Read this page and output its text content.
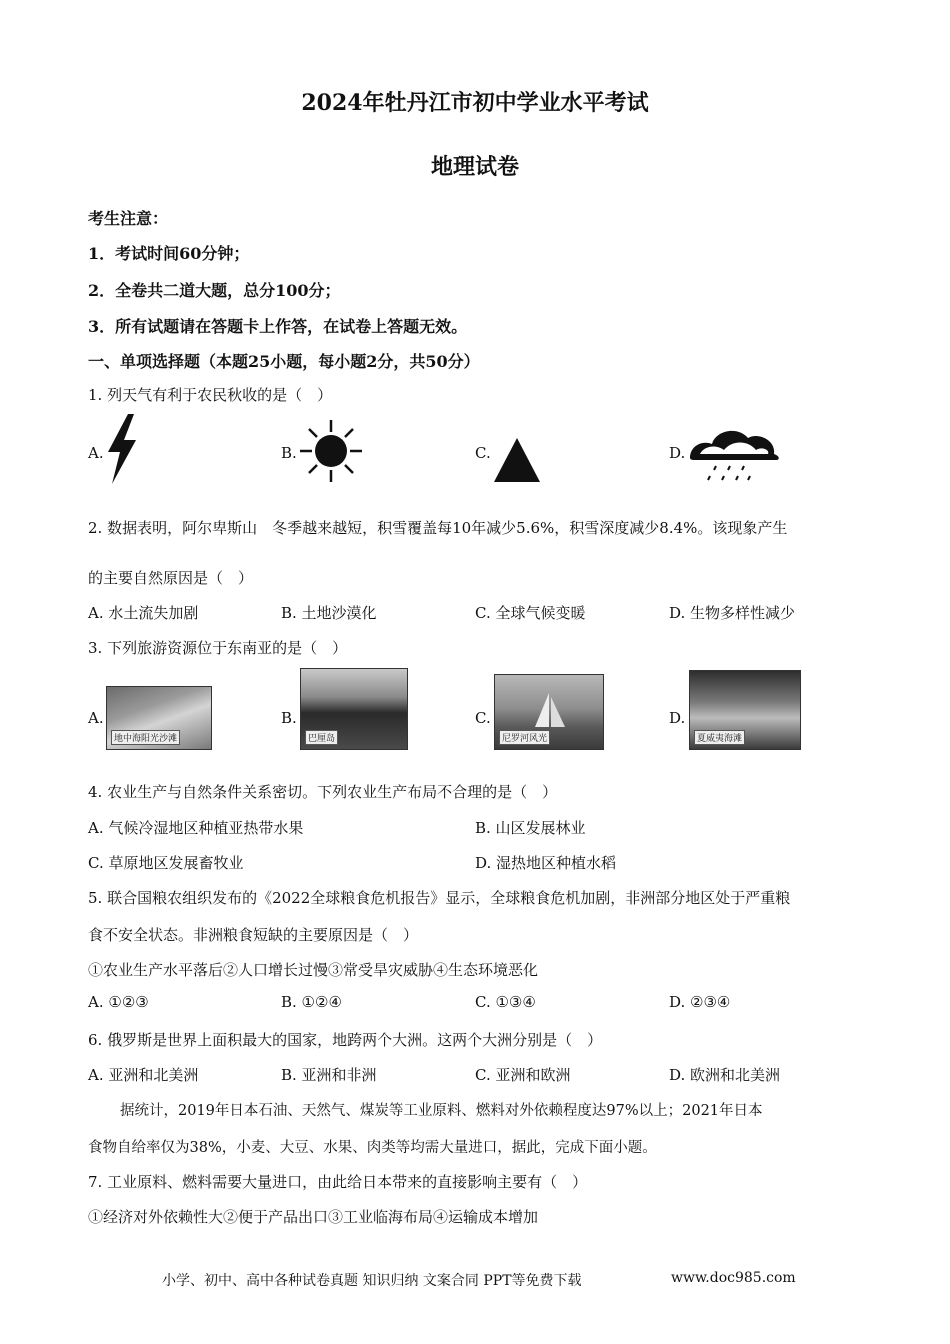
2024年牡丹江市初中学业水平考试
地理试卷
考生注意：
1．考试时间60分钟；
2．全卷共二道大题，总分100分；
3．所有试题请在答题卡上作答，在试卷上答题无效。
一、单项选择题（本题25小题，每小题2分，共50分）
1. 列天气有利于农民秋收的是（　）
A.	B.	C.	D.
2. 数据表明，阿尔卑斯山　冬季越来越短，积雪覆盖每10年减少5.6%，积雪深度减少8.4%。该现象产生
的主要自然原因是（　）
A. 水土流失加剧	B. 土地沙漠化	C. 全球气候变暖	D. 生物多样性减少
3. 下列旅游资源位于东南亚的是（　）
A.
地中海阳光沙滩
B.
巴厘岛
C.
尼罗河风光
D.
夏威夷海滩
4. 农业生产与自然条件关系密切。下列农业生产布局不合理的是（　）
A. 气候冷湿地区种植亚热带水果	B. 山区发展林业
C. 草原地区发展畜牧业	D. 湿热地区种植水稻
5. 联合国粮农组织发布的《2022全球粮食危机报告》显示，全球粮食危机加剧，非洲部分地区处于严重粮
食不安全状态。非洲粮食短缺的主要原因是（　）
①农业生产水平落后②人口增长过慢③常受旱灾威胁④生态环境恶化
A. ①②③	B. ①②④	C. ①③④	D. ②③④
6. 俄罗斯是世界上面积最大的国家，地跨两个大洲。这两个大洲分别是（　）
A. 亚洲和北美洲	B. 亚洲和非洲	C. 亚洲和欧洲	D. 欧洲和北美洲
据统计，2019年日本石油、天然气、煤炭等工业原料、燃料对外依赖程度达97%以上；2021年日本
食物自给率仅为38%，小麦、大豆、水果、肉类等均需大量进口，据此，完成下面小题。
7. 工业原料、燃料需要大量进口，由此给日本带来的直接影响主要有（　）
①经济对外依赖性大②便于产品出口③工业临海布局④运输成本增加
小学、初中、高中各种试卷真题 知识归纳 文案合同 PPT等免费下载	www.doc985.com
